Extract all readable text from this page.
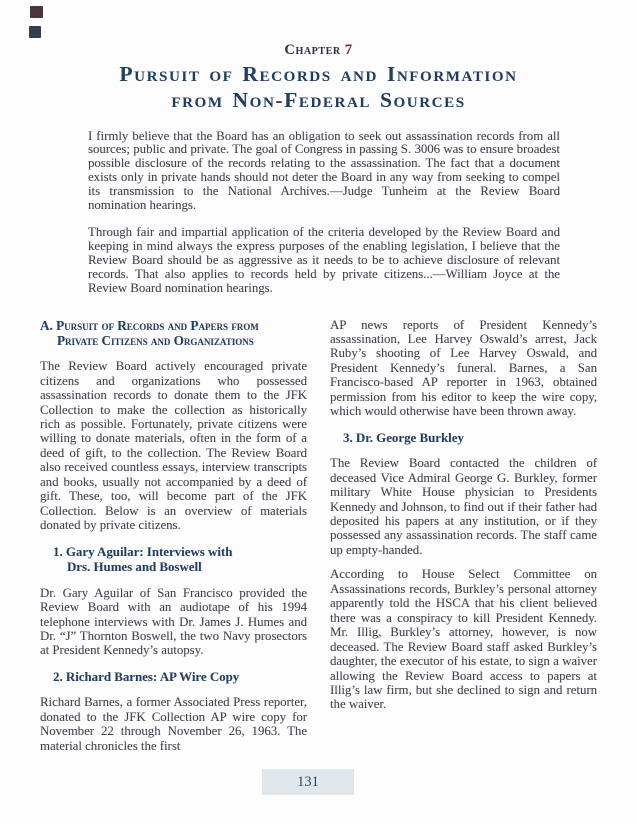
Chapter 7
Pursuit of Records and Information
from Non-Federal Sources

I firmly believe that the Board has an obligation to seek out assassination records from all sources; public and private. The goal of Congress in passing S. 3006 was to ensure broadest possible disclosure of the records relating to the assassination. The fact that a document exists only in private hands should not deter the Board in any way from seeking to compel its transmission to the National Archives.—Judge Tunheim at the Review Board nomination hearings.

Through fair and impartial application of the criteria developed by the Review Board and keeping in mind always the express purposes of the enabling legislation, I believe that the Review Board should be as aggressive as it needs to be to achieve disclosure of relevant records. That also applies to records held by private citizens...—William Joyce at the Review Board nomination hearings.

A. Pursuit of Records and Papers from
Private Citizens and Organizations

The Review Board actively encouraged private citizens and organizations who possessed assassination records to donate them to the JFK Collection to make the collection as historically rich as possible. Fortunately, private citizens were willing to donate materials, often in the form of a deed of gift, to the collection. The Review Board also received countless essays, interview transcripts and books, usually not accompanied by a deed of gift. These, too, will become part of the JFK Collection. Below is an overview of materials donated by private citizens.

1. Gary Aguilar: Interviews with
Drs. Humes and Boswell

Dr. Gary Aguilar of San Francisco provided the Review Board with an audiotape of his 1994 telephone interviews with Dr. James J. Humes and Dr. “J” Thornton Boswell, the two Navy prosectors at President Kennedy’s autopsy.

2. Richard Barnes: AP Wire Copy

Richard Barnes, a former Associated Press reporter, donated to the JFK Collection AP wire copy for November 22 through November 26, 1963. The material chronicles the first

AP news reports of President Kennedy’s assassination, Lee Harvey Oswald’s arrest, Jack Ruby’s shooting of Lee Harvey Oswald, and President Kennedy’s funeral. Barnes, a San Francisco-based AP reporter in 1963, obtained permission from his editor to keep the wire copy, which would otherwise have been thrown away.

3. Dr. George Burkley

The Review Board contacted the children of deceased Vice Admiral George G. Burkley, former military White House physician to Presidents Kennedy and Johnson, to find out if their father had deposited his papers at any institution, or if they possessed any assassination records. The staff came up empty-handed.

According to House Select Committee on Assassinations records, Burkley’s personal attorney apparently told the HSCA that his client believed there was a conspiracy to kill President Kennedy. Mr. Illig, Burkley’s attorney, however, is now deceased. The Review Board staff asked Burkley’s daughter, the executor of his estate, to sign a waiver allowing the Review Board access to papers at Illig’s law firm, but she declined to sign and return the waiver.

131
